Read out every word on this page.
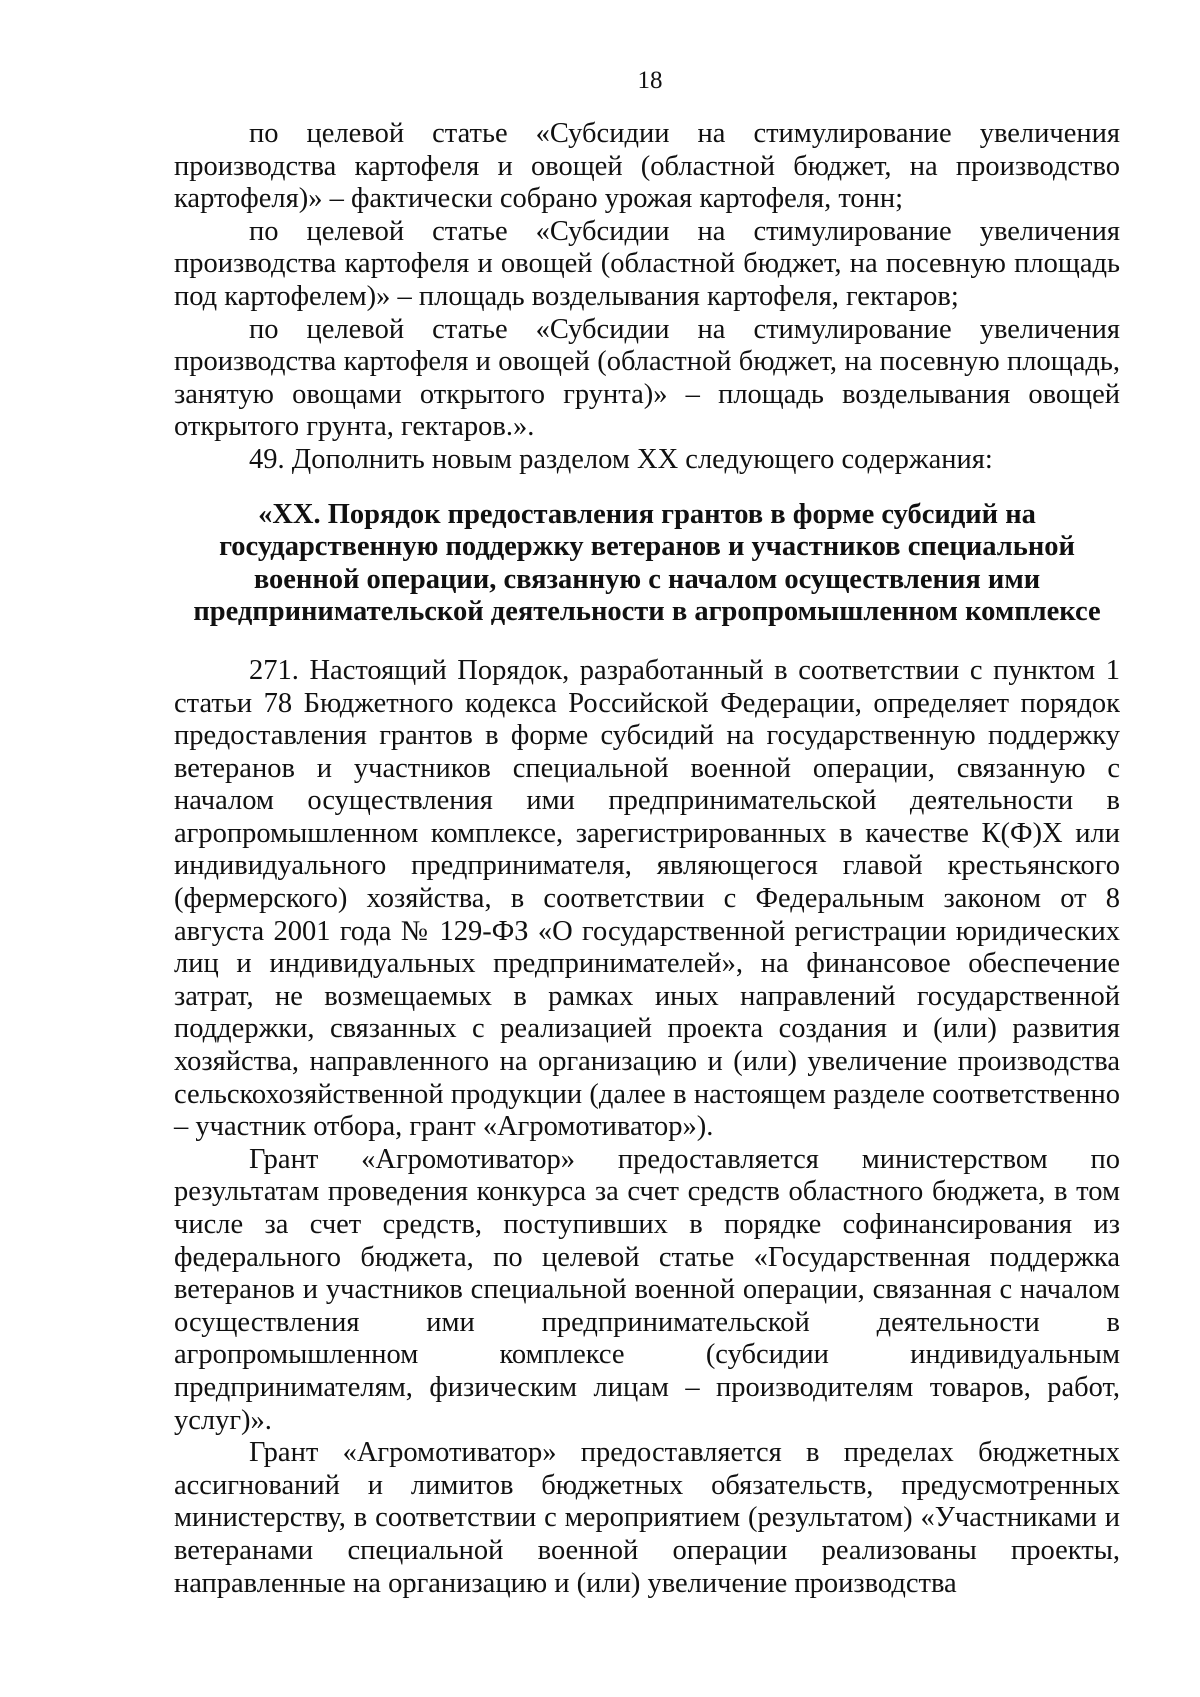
18

по целевой статье «Субсидии на стимулирование увеличения производства картофеля и овощей (областной бюджет, на производство картофеля)» – фактически собрано урожая картофеля, тонн;

по целевой статье «Субсидии на стимулирование увеличения производства картофеля и овощей (областной бюджет, на посевную площадь под картофелем)» – площадь возделывания картофеля, гектаров;

по целевой статье «Субсидии на стимулирование увеличения производства картофеля и овощей (областной бюджет, на посевную площадь, занятую овощами открытого грунта)» – площадь возделывания овощей открытого грунта, гектаров.».

49. Дополнить новым разделом XX следующего содержания:

«XX. Порядок предоставления грантов в форме субсидий на государственную поддержку ветеранов и участников специальной военной операции, связанную с началом осуществления ими предпринимательской деятельности в агропромышленном комплексе

271. Настоящий Порядок, разработанный в соответствии с пунктом 1 статьи 78 Бюджетного кодекса Российской Федерации, определяет порядок предоставления грантов в форме субсидий на государственную поддержку ветеранов и участников специальной военной операции, связанную с началом осуществления ими предпринимательской деятельности в агропромышленном комплексе, зарегистрированных в качестве К(Ф)Х или индивидуального предпринимателя, являющегося главой крестьянского (фермерского) хозяйства, в соответствии с Федеральным законом от 8 августа 2001 года № 129-ФЗ «О государственной регистрации юридических лиц и индивидуальных предпринимателей», на финансовое обеспечение затрат, не возмещаемых в рамках иных направлений государственной поддержки, связанных с реализацией проекта создания и (или) развития хозяйства, направленного на организацию и (или) увеличение производства сельскохозяйственной продукции (далее в настоящем разделе соответственно – участник отбора, грант «Агромотиватор»).

Грант «Агромотиватор» предоставляется министерством по результатам проведения конкурса за счет средств областного бюджета, в том числе за счет средств, поступивших в порядке софинансирования из федерального бюджета, по целевой статье «Государственная поддержка ветеранов и участников специальной военной операции, связанная с началом осуществления ими предпринимательской деятельности в агропромышленном комплексе (субсидии индивидуальным предпринимателям, физическим лицам – производителям товаров, работ, услуг)».

Грант «Агромотиватор» предоставляется в пределах бюджетных ассигнований и лимитов бюджетных обязательств, предусмотренных министерству, в соответствии с мероприятием (результатом) «Участниками и ветеранами специальной военной операции реализованы проекты, направленные на организацию и (или) увеличение производства
